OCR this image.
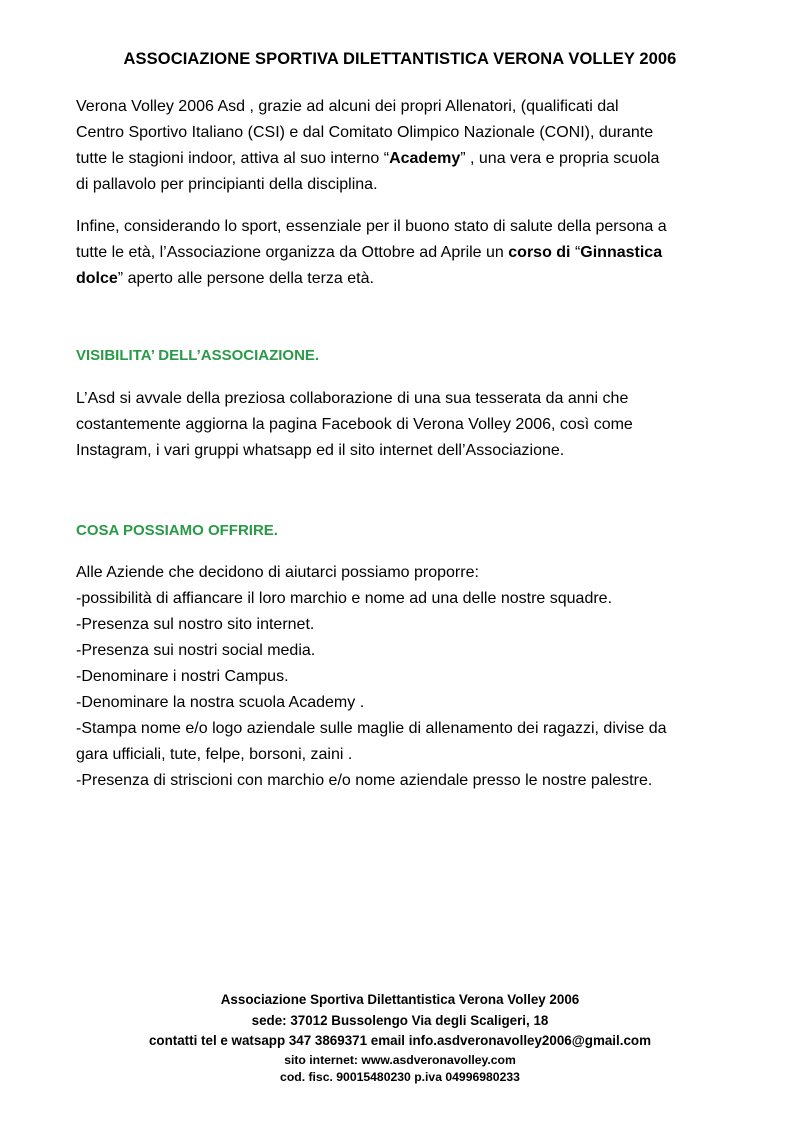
ASSOCIAZIONE SPORTIVA DILETTANTISTICA VERONA VOLLEY 2006
Verona Volley 2006 Asd , grazie ad alcuni dei propri Allenatori, (qualificati dal
Centro Sportivo Italiano (CSI) e dal Comitato Olimpico Nazionale (CONI), durante
tutte le stagioni indoor, attiva al suo interno “Academy” , una vera e propria scuola
di pallavolo per principianti della disciplina.
Infine, considerando lo sport, essenziale per il buono stato di salute della persona a
tutte le età, l’Associazione organizza da Ottobre ad Aprile un corso di “Ginnastica
dolce” aperto alle persone della terza età.
VISIBILITA’ DELL’ASSOCIAZIONE.
L’Asd si avvale della preziosa collaborazione di una sua tesserata da anni che
costantemente aggiorna la pagina Facebook di Verona Volley 2006, così come
Instagram, i vari gruppi whatsapp ed il sito internet dell’Associazione.
COSA POSSIAMO OFFRIRE.
Alle Aziende che decidono di aiutarci possiamo proporre:
-possibilità di affiancare il loro marchio e nome ad una delle nostre squadre.
-Presenza sul nostro sito internet.
-Presenza sui nostri social media.
-Denominare i nostri Campus.
-Denominare la nostra scuola Academy .
-Stampa nome e/o logo aziendale sulle maglie di allenamento dei ragazzi, divise da
gara ufficiali, tute, felpe, borsoni, zaini .
-Presenza di striscioni con marchio e/o nome aziendale presso le nostre palestre.
Associazione Sportiva Dilettantistica Verona Volley 2006
sede: 37012 Bussolengo Via degli Scaligeri, 18
contatti tel e watsapp 347 3869371 email info.asdveronavolley2006@gmail.com
sito internet: www.asdveronavolley.com
cod. fisc. 90015480230 p.iva 04996980233
